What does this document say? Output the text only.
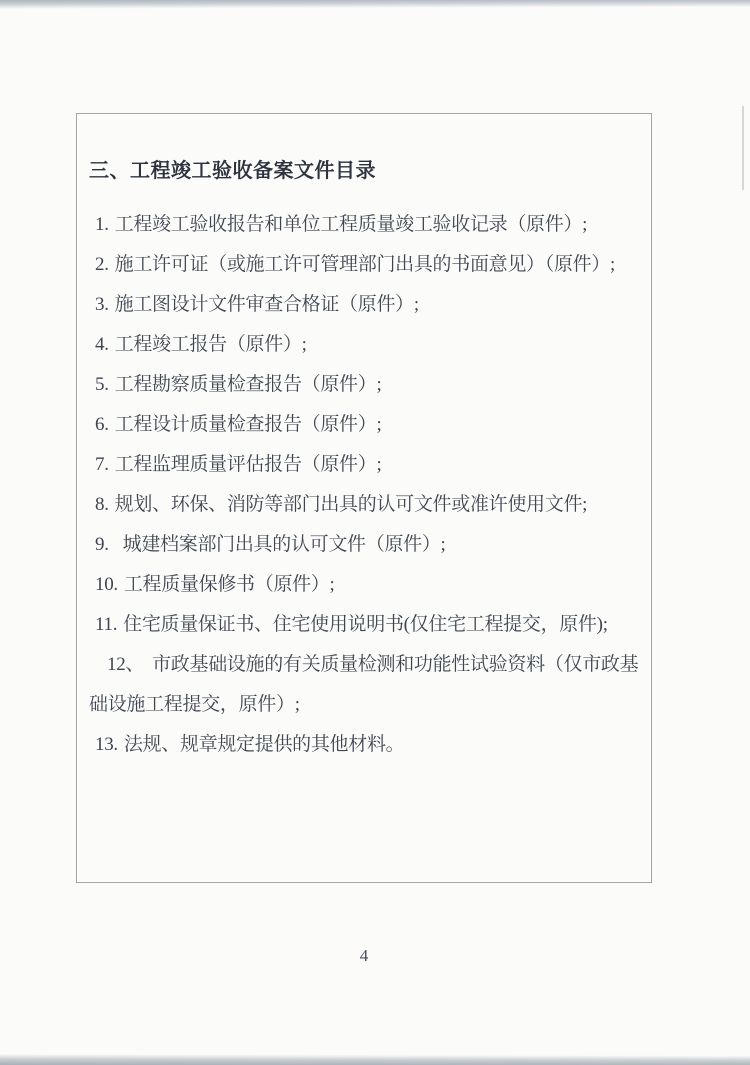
三、工程竣工验收备案文件目录

1. 工程竣工验收报告和单位工程质量竣工验收记录（原件）;

2. 施工许可证（或施工许可管理部门出具的书面意见）（原件）;

3. 施工图设计文件审查合格证（原件）;

4. 工程竣工报告（原件）;

5. 工程勘察质量检查报告（原件）;

6. 工程设计质量检查报告（原件）;

7. 工程监理质量评估报告（原件）;

8. 规划、环保、消防等部门出具的认可文件或准许使用文件;

9. 城建档案部门出具的认可文件（原件）;

10. 工程质量保修书（原件）;

11. 住宅质量保证书、住宅使用说明书(仅住宅工程提交，原件);

12、 市政基础设施的有关质量检测和功能性试验资料（仅市政基础设施工程提交，原件）;

13. 法规、规章规定提供的其他材料。

4
